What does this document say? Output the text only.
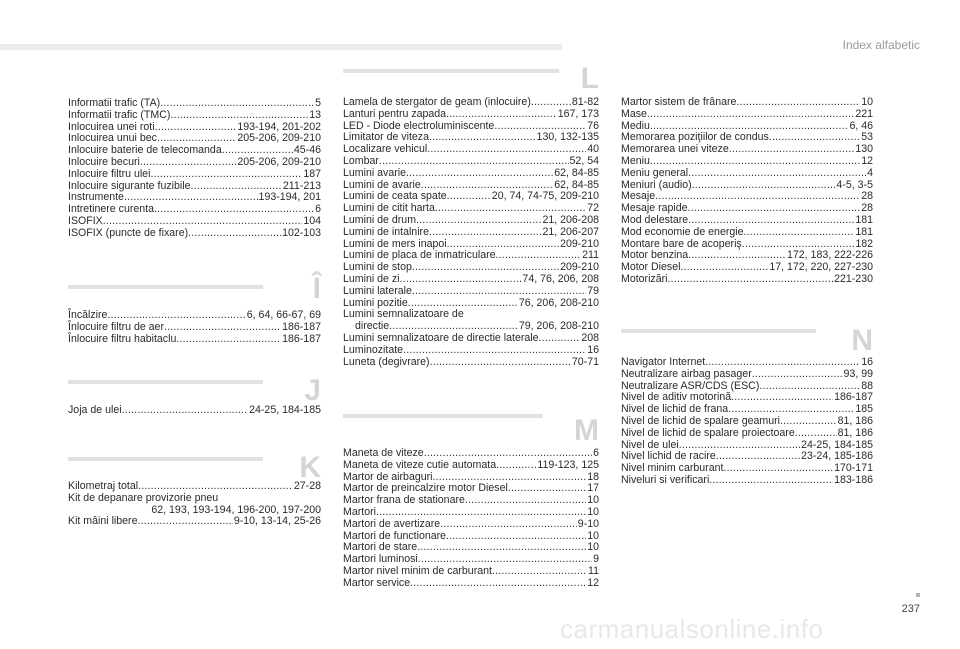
Index alfabetic
Informatii trafic (TA) .....	5
Informatii trafic (TMC) .....	13
Inlocuirea unei roti .....	193-194, 201-202
Inlocuirea unui bec .....	205-206, 209-210
Inlocuire baterie de telecomanda .....	45-46
Inlocuire becuri .....	205-206, 209-210
Inlocuire filtru ulei .....	187
Inlocuire sigurante fuzibile .....	211-213
Instrumente .....	193-194, 201
Intretinere curenta .....	6
ISOFIX .....	104
ISOFIX (puncte de fixare) .....	102-103
Î
Încălzire .....	6, 64, 66-67, 69
Înlocuire filtru de aer .....	186-187
Înlocuire filtru habitaclu .....	186-187
J
Joja de ulei .....	24-25, 184-185
K
Kilometraj total .....	27-28
Kit de depanare provizorie pneu
62, 193, 193-194, 196-200, 197-200
Kit mâini libere .....	9-10, 13-14, 25-26
L
Lamela de stergator de geam (inlocuire) .....	81-82
Lanturi pentru zapada .....	167, 173
LED - Diode electroluminiscente .....	76
Limitator de viteza .....	130, 132-135
Localizare vehicul .....	40
Lombar .....	52, 54
Lumini avarie .....	62, 84-85
Lumini de avarie .....	62, 84-85
Lumini de ceata spate .....	20, 74, 74-75, 209-210
Lumini de citit harta .....	72
Lumini de drum .....	21, 206-208
Lumini de intalnire .....	21, 206-207
Lumini de mers inapoi .....	209-210
Lumini de placa de inmatriculare .....	211
Lumini de stop .....	209-210
Lumini de zi .....	74, 76, 206, 208
Lumini laterale .....	79
Lumini pozitie .....	76, 206, 208-210
Lumini semnalizatoare de
directie .....	79, 206, 208-210
Lumini semnalizatoare de directie laterale .....	208
Luminozitate .....	16
Luneta (degivrare) .....	70-71
M
Maneta de viteze .....	6
Maneta de viteze cutie automata .....	119-123, 125
Martor de airbaguri .....	18
Martor de preincalzire motor Diesel .....	17
Martor frana de stationare .....	10
Martori .....	10
Martori de avertizare .....	9-10
Martori de functionare .....	10
Martori de stare .....	10
Martori luminosi .....	9
Martor nivel minim de carburant .....	11
Martor service .....	12
Martor sistem de frânare .....	10
Mase .....	221
Mediu .....	6, 46
Memorarea poziţiilor de condus .....	53
Memorarea unei viteze .....	130
Meniu .....	12
Meniu general .....	4
Meniuri (audio) .....	4-5, 3-5
Mesaje .....	28
Mesaje rapide .....	28
Mod delestare .....	181
Mod economie de energie .....	181
Montare bare de acoperiş .....	182
Motor benzina .....	172, 183, 222-226
Motor Diesel .....	17, 172, 220, 227-230
Motorizări .....	221-230
N
Navigator Internet .....	16
Neutralizare airbag pasager .....	93, 99
Neutralizare ASR/CDS (ESC) .....	88
Nivel de aditiv motorină .....	186-187
Nivel de lichid de frana .....	185
Nivel de lichid de spalare geamuri .....	81, 186
Nivel de lichid de spalare proiectoare .....	81, 186
Nivel de ulei .....	24-25, 184-185
Nivel lichid de racire .....	23-24, 185-186
Nivel minim carburant .....	170-171
Niveluri si verificari .....	183-186
237
carmanualsonline.info
